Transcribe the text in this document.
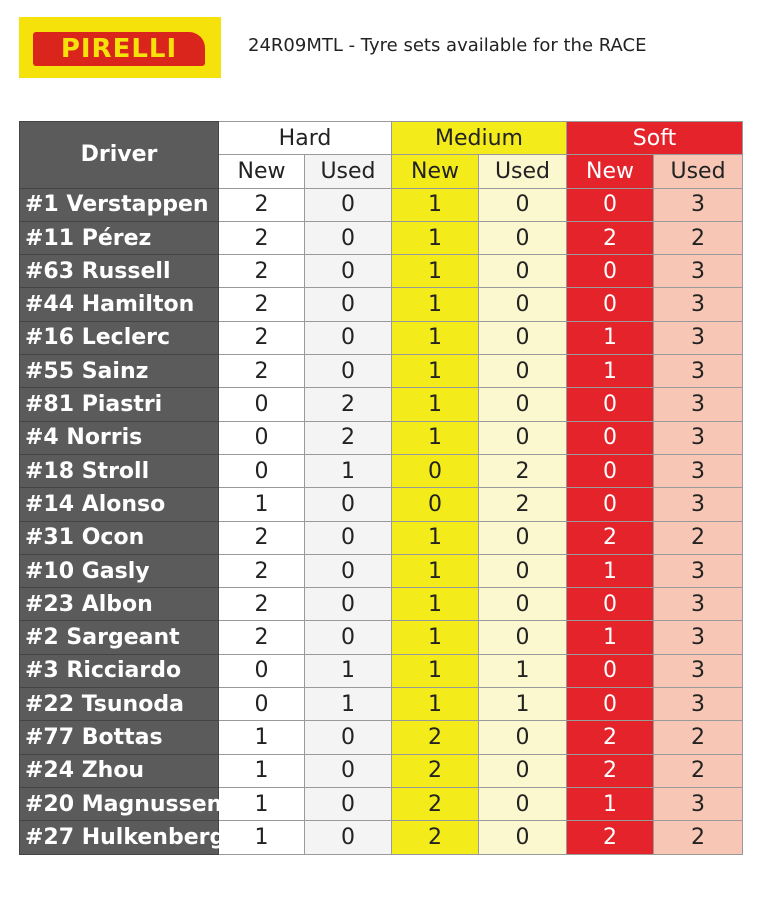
PIRELLI	24R09MTL - Tyre sets available for the RACE
Driver	Hard		Medium		Soft	
	New	Used	New	Used	New	Used
#1 Verstappen	2	0	1	0	0	3
#11 Pérez	2	0	1	0	2	2
#63 Russell	2	0	1	0	0	3
#44 Hamilton	2	0	1	0	0	3
#16 Leclerc	2	0	1	0	1	3
#55 Sainz	2	0	1	0	1	3
#81 Piastri	0	2	1	0	0	3
#4 Norris	0	2	1	0	0	3
#18 Stroll	0	1	0	2	0	3
#14 Alonso	1	0	0	2	0	3
#31 Ocon	2	0	1	0	2	2
#10 Gasly	2	0	1	0	1	3
#23 Albon	2	0	1	0	0	3
#2 Sargeant	2	0	1	0	1	3
#3 Ricciardo	0	1	1	1	0	3
#22 Tsunoda	0	1	1	1	0	3
#77 Bottas	1	0	2	0	2	2
#24 Zhou	1	0	2	0	2	2
#20 Magnussen	1	0	2	0	1	3
#27 Hulkenberg	1	0	2	0	2	2
